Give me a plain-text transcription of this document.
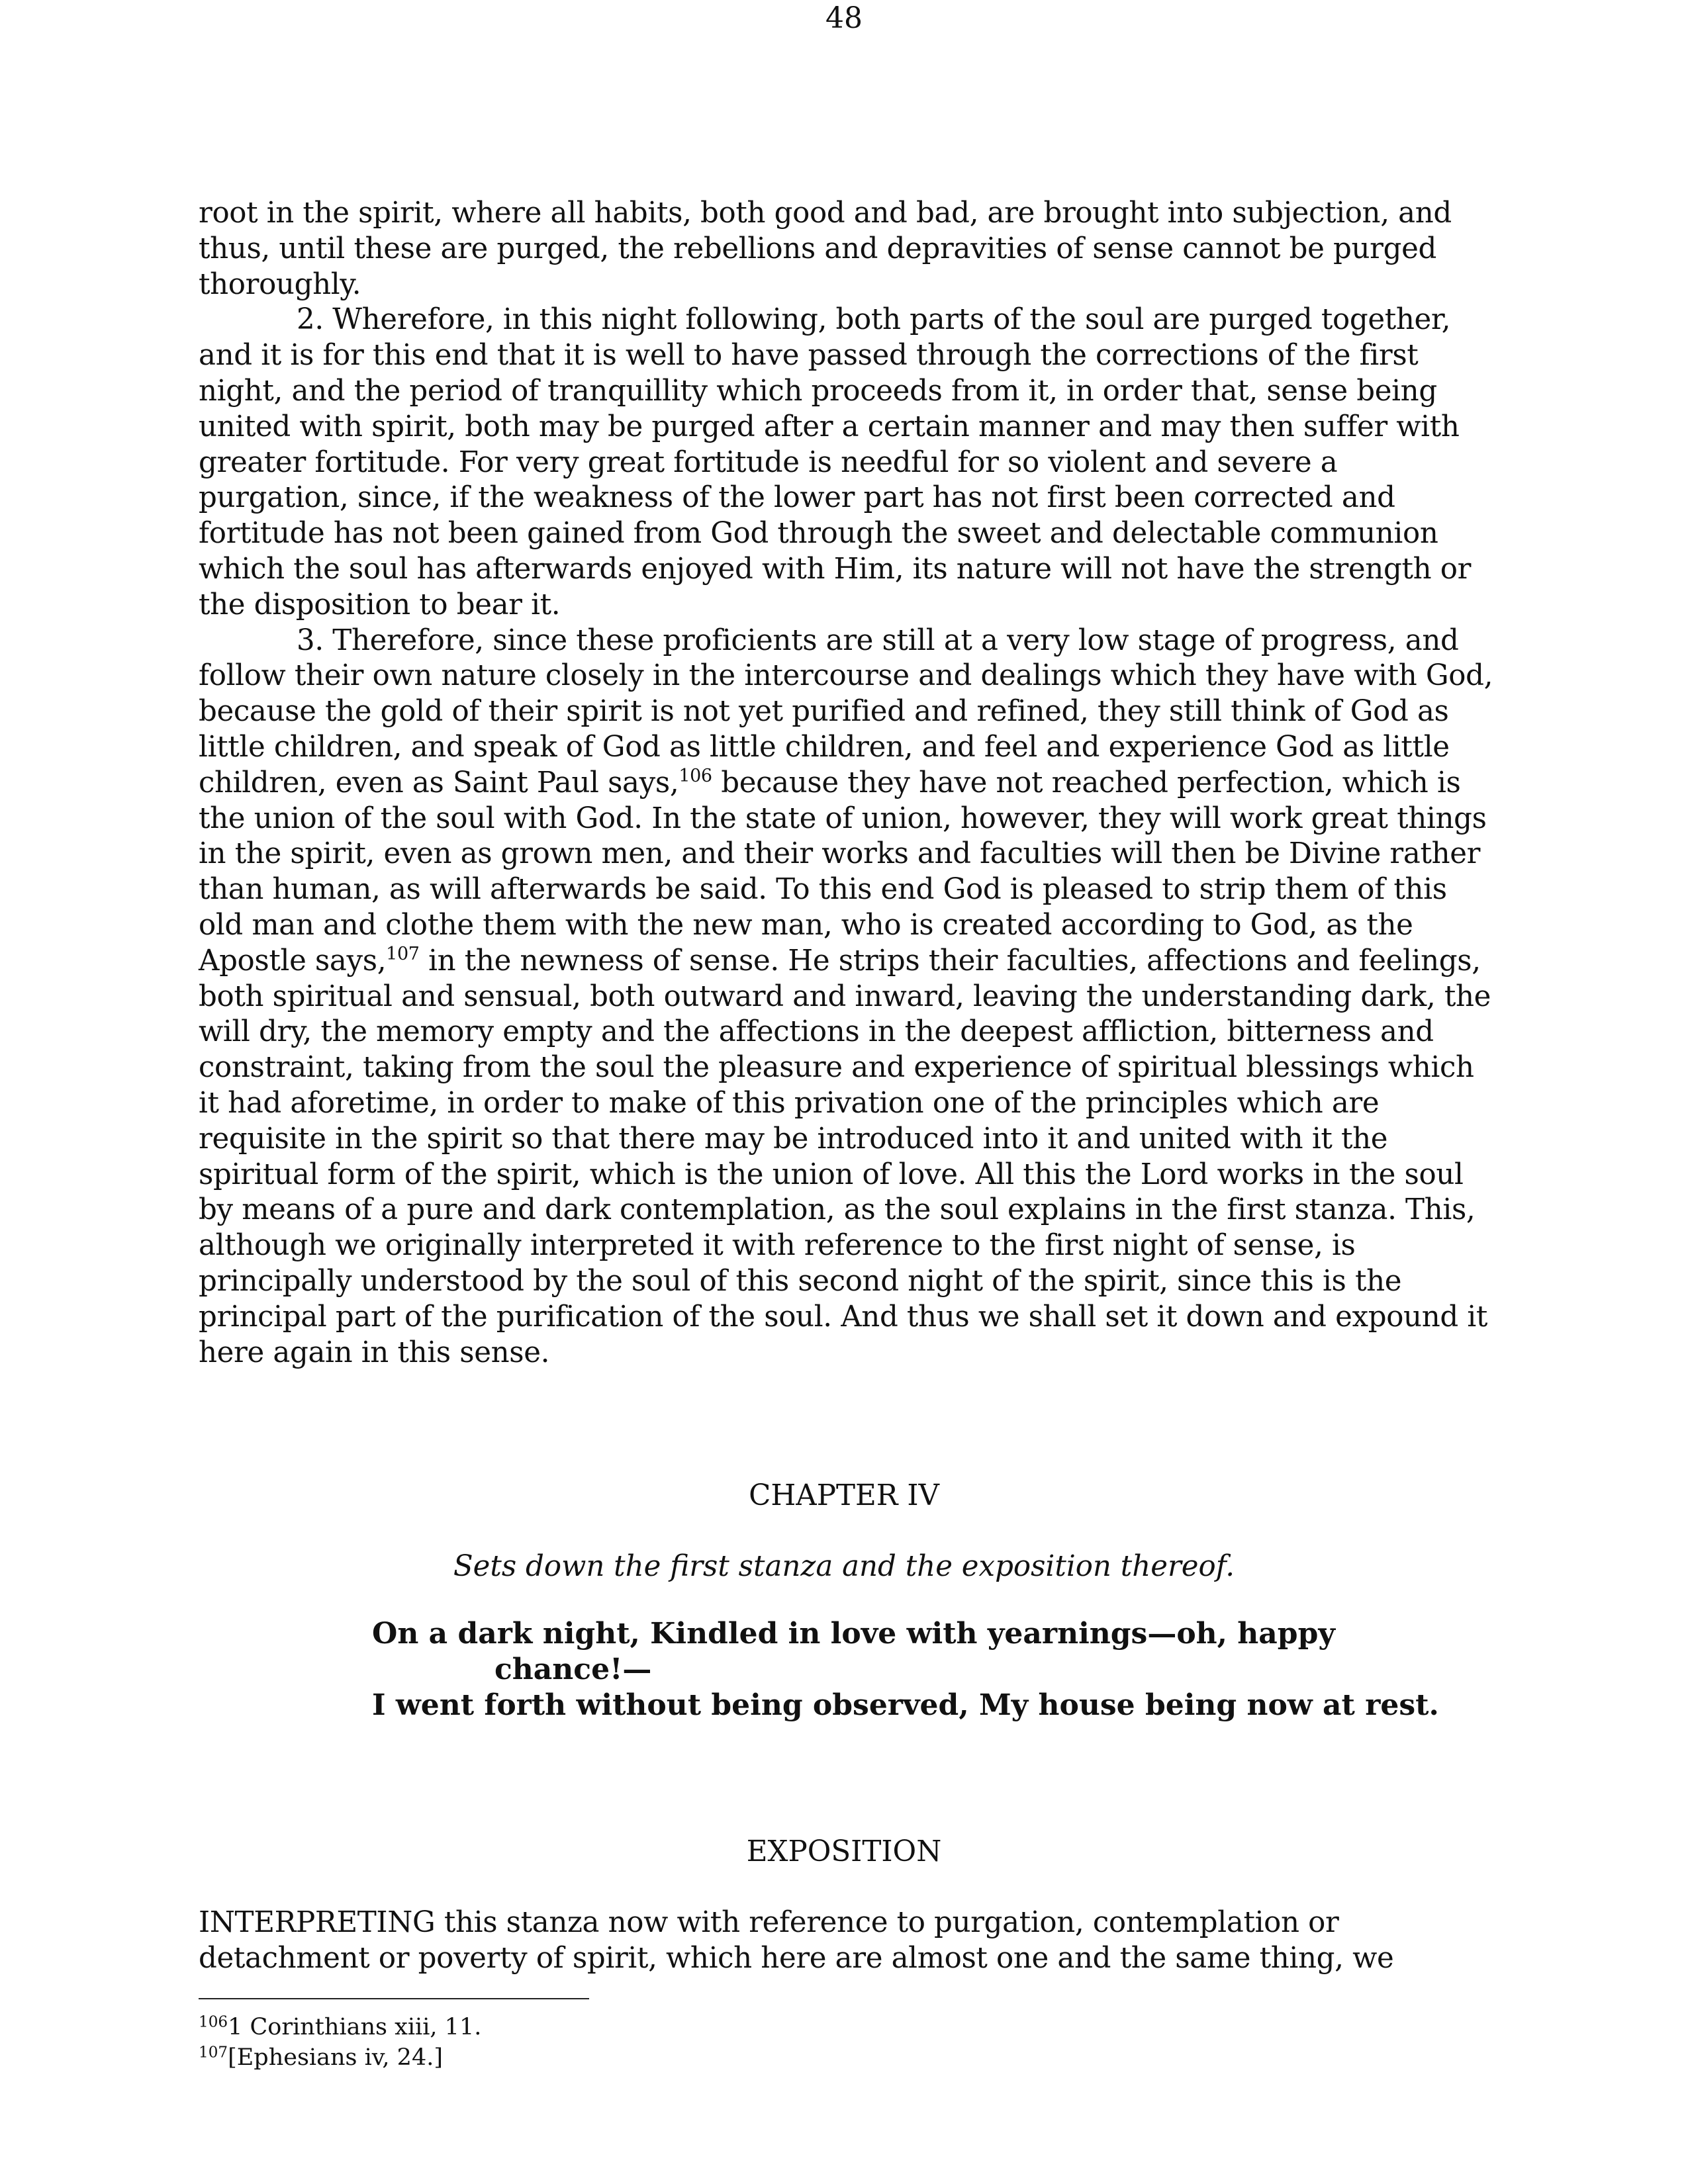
48

root in the spirit, where all habits, both good and bad, are brought into subjection, and thus, until these are purged, the rebellions and depravities of sense cannot be purged thoroughly.

2. Wherefore, in this night following, both parts of the soul are purged together, and it is for this end that it is well to have passed through the corrections of the first night, and the period of tranquillity which proceeds from it, in order that, sense being united with spirit, both may be purged after a certain manner and may then suffer with greater fortitude. For very great fortitude is needful for so violent and severe a purgation, since, if the weakness of the lower part has not first been corrected and fortitude has not been gained from God through the sweet and delectable communion which the soul has afterwards enjoyed with Him, its nature will not have the strength or the disposition to bear it.

3. Therefore, since these proficients are still at a very low stage of progress, and follow their own nature closely in the intercourse and dealings which they have with God, because the gold of their spirit is not yet purified and refined, they still think of God as little children, and speak of God as little children, and feel and experience God as little children, even as Saint Paul says,$^{106}$ because they have not reached perfection, which is the union of the soul with God. In the state of union, however, they will work great things in the spirit, even as grown men, and their works and faculties will then be Divine rather than human, as will afterwards be said. To this end God is pleased to strip them of this old man and clothe them with the new man, who is created according to God, as the Apostle says,$^{107}$ in the newness of sense. He strips their faculties, affections and feelings, both spiritual and sensual, both outward and inward, leaving the understanding dark, the will dry, the memory empty and the affections in the deepest affliction, bitterness and constraint, taking from the soul the pleasure and experience of spiritual blessings which it had aforetime, in order to make of this privation one of the principles which are requisite in the spirit so that there may be introduced into it and united with it the spiritual form of the spirit, which is the union of love. All this the Lord works in the soul by means of a pure and dark contemplation, as the soul explains in the first stanza. This, although we originally interpreted it with reference to the first night of sense, is principally understood by the soul of this second night of the spirit, since this is the principal part of the purification of the soul. And thus we shall set it down and expound it here again in this sense.

CHAPTER IV
Sets down the first stanza and the exposition thereof.
On a dark night, Kindled in love with yearnings—oh, happy chance!—
I went forth without being observed, My house being now at rest.
EXPOSITION
INTERPRETING this stanza now with reference to purgation, contemplation or detachment or poverty of spirit, which here are almost one and the same thing, we
$^{106}$1 Corinthians xiii, 11.
$^{107}$[Ephesians iv, 24.]
